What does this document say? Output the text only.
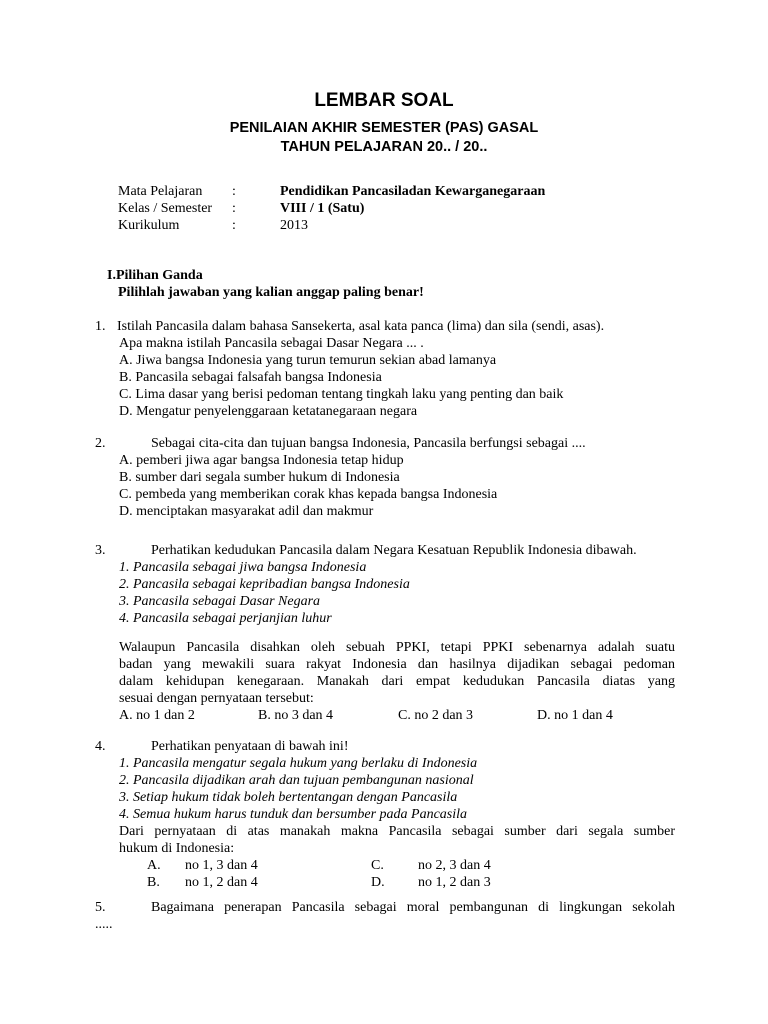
LEMBAR SOAL
PENILAIAN AKHIR SEMESTER (PAS) GASAL
TAHUN PELAJARAN 20.. / 20..
Mata Pelajaran :	Pendidikan Pancasiladan Kewarganegaraan
Kelas / Semester :	VIII / 1 (Satu)
Kurikulum	:	2013
I.Pilihan Ganda
Pilihlah jawaban yang kalian anggap paling benar!
1. Istilah Pancasila dalam bahasa Sansekerta, asal kata panca (lima) dan sila (sendi, asas).
Apa makna istilah Pancasila sebagai Dasar Negara ... .
A. Jiwa bangsa Indonesia yang turun temurun sekian abad lamanya
B. Pancasila sebagai falsafah bangsa Indonesia
C. Lima dasar yang berisi pedoman tentang tingkah laku yang penting dan baik
D. Mengatur penyelenggaraan ketatanegaraan negara
2.	Sebagai cita-cita dan tujuan bangsa Indonesia, Pancasila berfungsi sebagai ....
A. pemberi jiwa agar bangsa Indonesia tetap hidup
B. sumber dari segala sumber hukum di Indonesia
C. pembeda yang memberikan corak khas kepada bangsa Indonesia
D. menciptakan masyarakat adil dan makmur
3.	Perhatikan kedudukan Pancasila dalam Negara Kesatuan Republik Indonesia dibawah.
1. Pancasila sebagai jiwa bangsa Indonesia
2. Pancasila sebagai kepribadian bangsa Indonesia
3. Pancasila sebagai Dasar Negara
4. Pancasila sebagai perjanjian luhur
Walaupun Pancasila disahkan oleh sebuah PPKI, tetapi PPKI sebenarnya adalah suatu
badan yang mewakili suara rakyat Indonesia dan hasilnya dijadikan sebagai pedoman
dalam kehidupan kenegaraan. Manakah dari empat kedudukan Pancasila diatas yang
sesuai dengan pernyataan tersebut:
A. no 1 dan 2	B. no 3 dan 4	C. no 2 dan 3	D. no 1 dan 4
4.	Perhatikan penyataan di bawah ini!
1. Pancasila mengatur segala hukum yang berlaku di Indonesia
2. Pancasila dijadikan arah dan tujuan pembangunan nasional
3. Setiap hukum tidak boleh bertentangan dengan Pancasila
4. Semua hukum harus tunduk dan bersumber pada Pancasila
Dari pernyataan di atas manakah makna Pancasila sebagai sumber dari segala sumber
hukum di Indonesia:
A. no 1, 3 dan 4	C. no 2, 3 dan 4
B. no 1, 2 dan 4	D. no 1, 2 dan 3
5.	Bagaimana penerapan Pancasila sebagai moral pembangunan di lingkungan sekolah
.....
